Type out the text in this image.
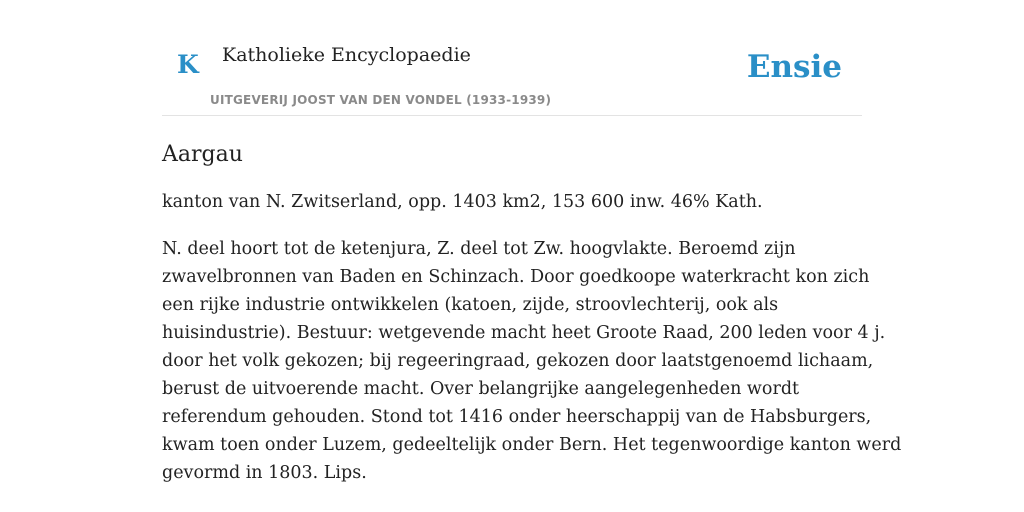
K Katholieke Encyclopaedie
UITGEVERIJ JOOST VAN DEN VONDEL (1933-1939)
Ensie
Aargau

kanton van N. Zwitserland, opp. 1403 km2, 153 600 inw. 46% Kath.

N. deel hoort tot de ketenjura, Z. deel tot Zw. hoogvlakte. Beroemd zijn
zwavelbronnen van Baden en Schinzach. Door goedkoope waterkracht kon zich
een rijke industrie ontwikkelen (katoen, zijde, stroovlechterij, ook als
huisindustrie). Bestuur: wetgevende macht heet Groote Raad, 200 leden voor 4 j.
door het volk gekozen; bij regeeringraad, gekozen door laatstgenoemd lichaam,
berust de uitvoerende macht. Over belangrijke aangelegenheden wordt
referendum gehouden. Stond tot 1416 onder heerschappij van de Habsburgers,
kwam toen onder Luzem, gedeeltelijk onder Bern. Het tegenwoordige kanton werd
gevormd in 1803. Lips.
